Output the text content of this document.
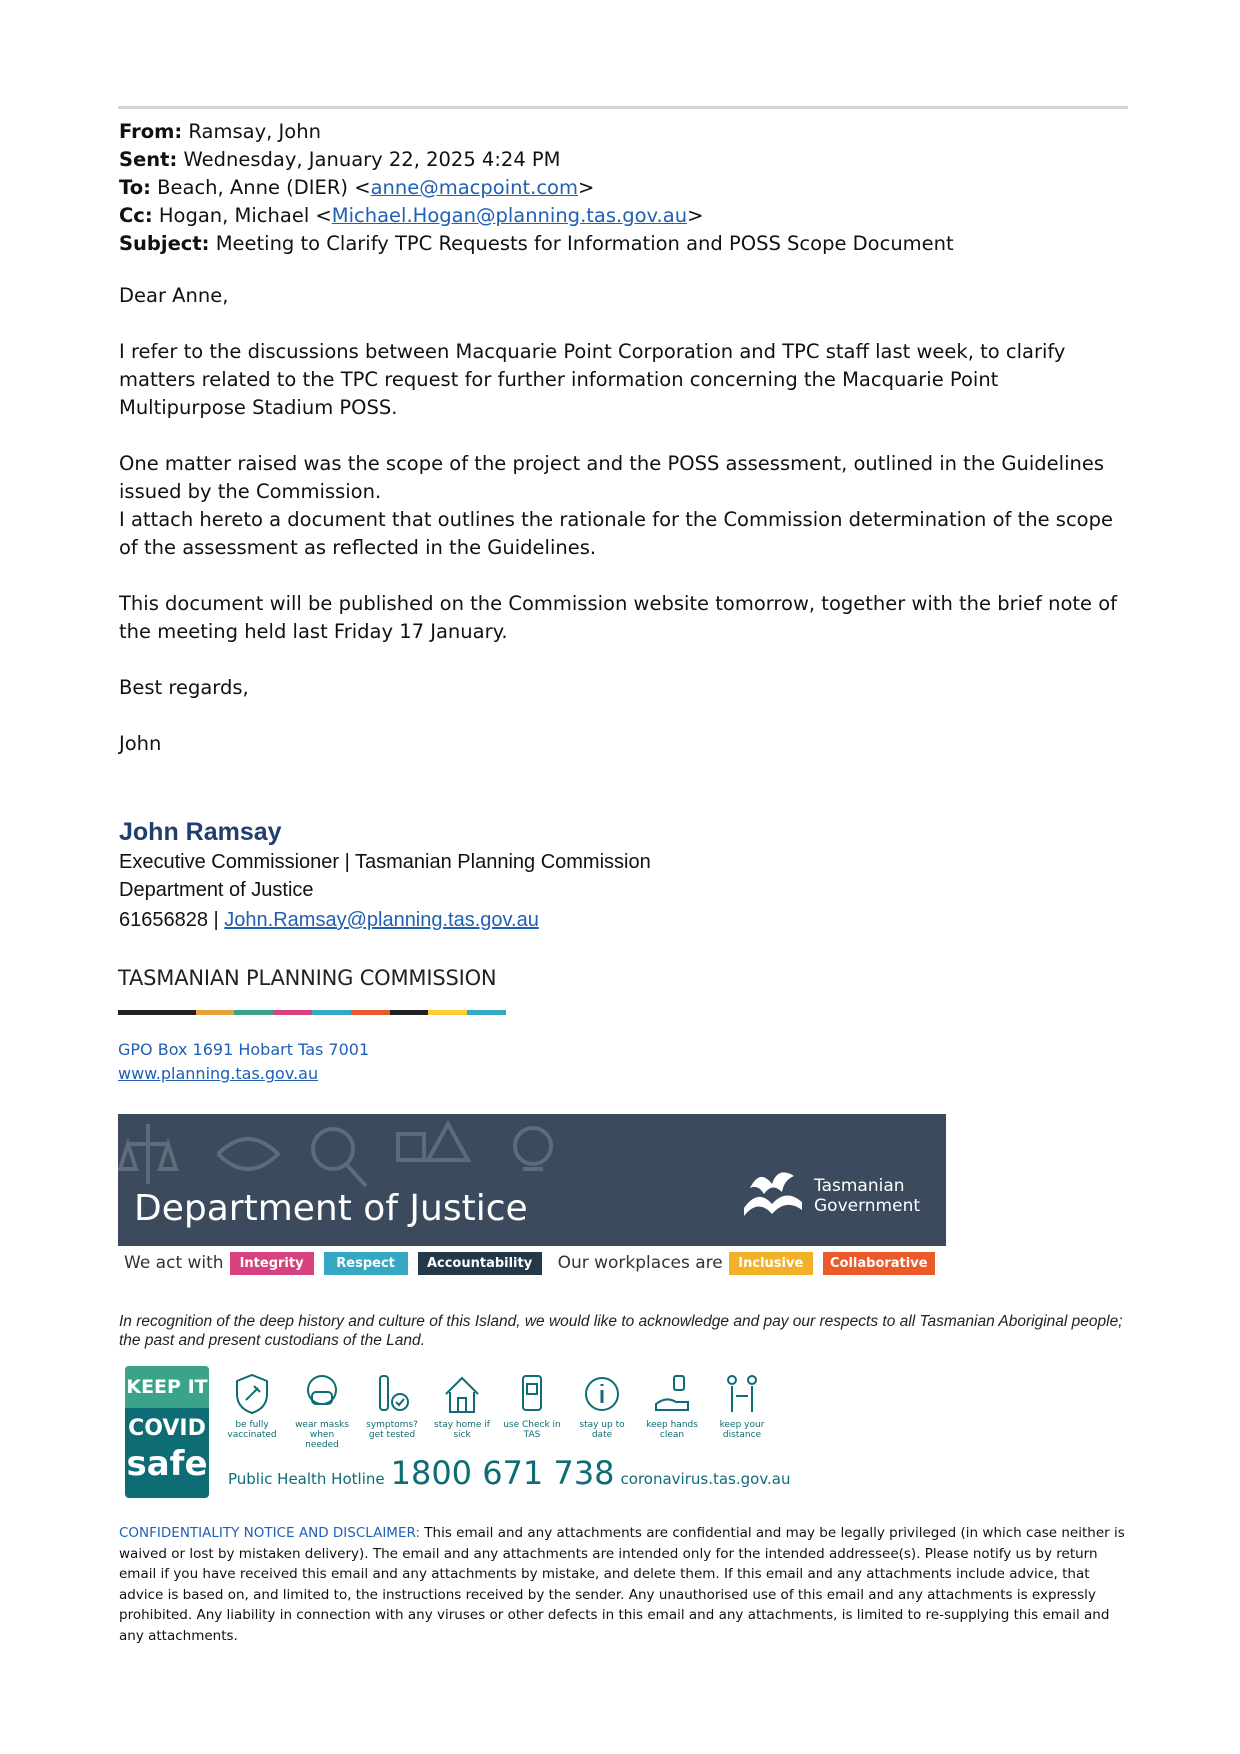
From: Ramsay, John
Sent: Wednesday, January 22, 2025 4:24 PM
To: Beach, Anne (DIER) <anne@macpoint.com>
Cc: Hogan, Michael <Michael.Hogan@planning.tas.gov.au>
Subject: Meeting to Clarify TPC Requests for Information and POSS Scope Document
Dear Anne,

I refer to the discussions between Macquarie Point Corporation and TPC staff last week, to clarify matters related to the TPC request for further information concerning the Macquarie Point Multipurpose Stadium POSS.

One matter raised was the scope of the project and the POSS assessment, outlined in the Guidelines issued by the Commission.

I attach hereto a document that outlines the rationale for the Commission determination of the scope of the assessment as reflected in the Guidelines.

This document will be published on the Commission website tomorrow, together with the brief note of the meeting held last Friday 17 January.

Best regards,
John
John Ramsay
Executive Commissioner | Tasmanian Planning Commission
Department of Justice
61656828 | John.Ramsay@planning.tas.gov.au
TASMANIAN PLANNING COMMISSION
GPO Box 1691 Hobart Tas 7001
www.planning.tas.gov.au
Department of Justice
Tasmanian
Government
We act with	Integrity	Respect	Accountability	Our workplaces are	Inclusive	Collaborative
In recognition of the deep history and culture of this Island, we would like to acknowledge and pay our respects to all Tasmanian Aboriginal people; the past and present custodians of the Land.
KEEP IT
COVID
safe
be fully vaccinated
wear masks when needed
symptoms? get tested
stay home if sick
use Check in TAS
stay up to date
keep hands clean
keep your distance
Public Health Hotline 1800 671 738 coronavirus.tas.gov.au
CONFIDENTIALITY NOTICE AND DISCLAIMER: This email and any attachments are confidential and may be legally privileged (in which case neither is waived or lost by mistaken delivery). The email and any attachments are intended only for the intended addressee(s). Please notify us by return email if you have received this email and any attachments by mistake, and delete them. If this email and any attachments include advice, that advice is based on, and limited to, the instructions received by the sender. Any unauthorised use of this email and any attachments is expressly prohibited. Any liability in connection with any viruses or other defects in this email and any attachments, is limited to re-supplying this email and any attachments.
